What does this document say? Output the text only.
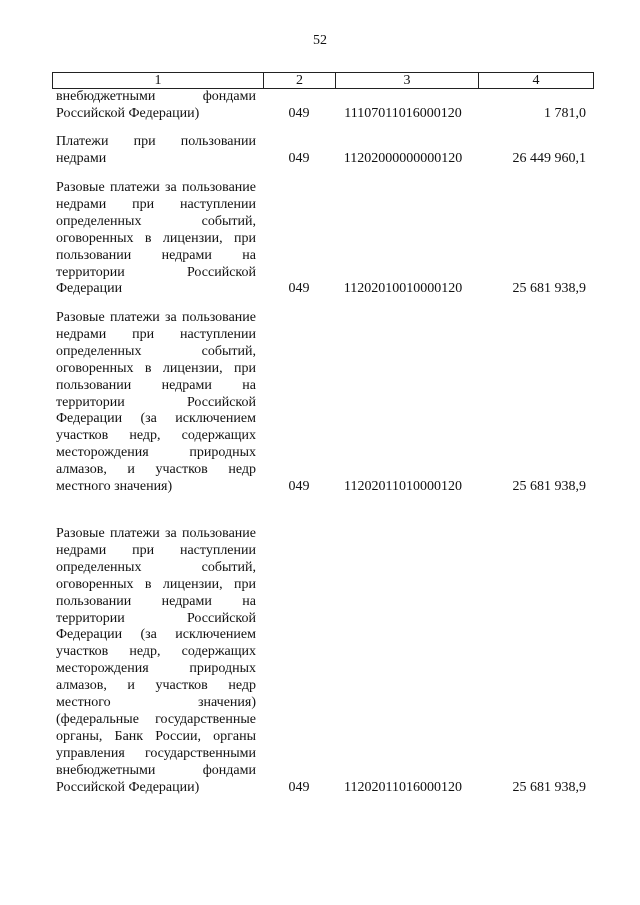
52
1	2	3	4
внебюджетными фондами Российской Федерации)	049	11107011016000120	1 781,0
Платежи при пользовании недрами	049	11202000000000120	26 449 960,1
Разовые платежи за пользование недрами при наступлении определенных событий, оговоренных в лицензии, при пользовании недрами на территории Российской Федерации	049	11202010010000120	25 681 938,9
Разовые платежи за пользование недрами при наступлении определенных событий, оговоренных в лицензии, при пользовании недрами на территории Российской Федерации (за исключением участков недр, содержащих месторождения природных алмазов, и участков недр местного значения)	049	11202011010000120	25 681 938,9
Разовые платежи за пользование недрами при наступлении определенных событий, оговоренных в лицензии, при пользовании недрами на территории Российской Федерации (за исключением участков недр, содержащих месторождения природных алмазов, и участков недр местного значения) (федеральные государственные органы, Банк России, органы управления государственными внебюджетными фондами Российской Федерации)	049	11202011016000120	25 681 938,9
